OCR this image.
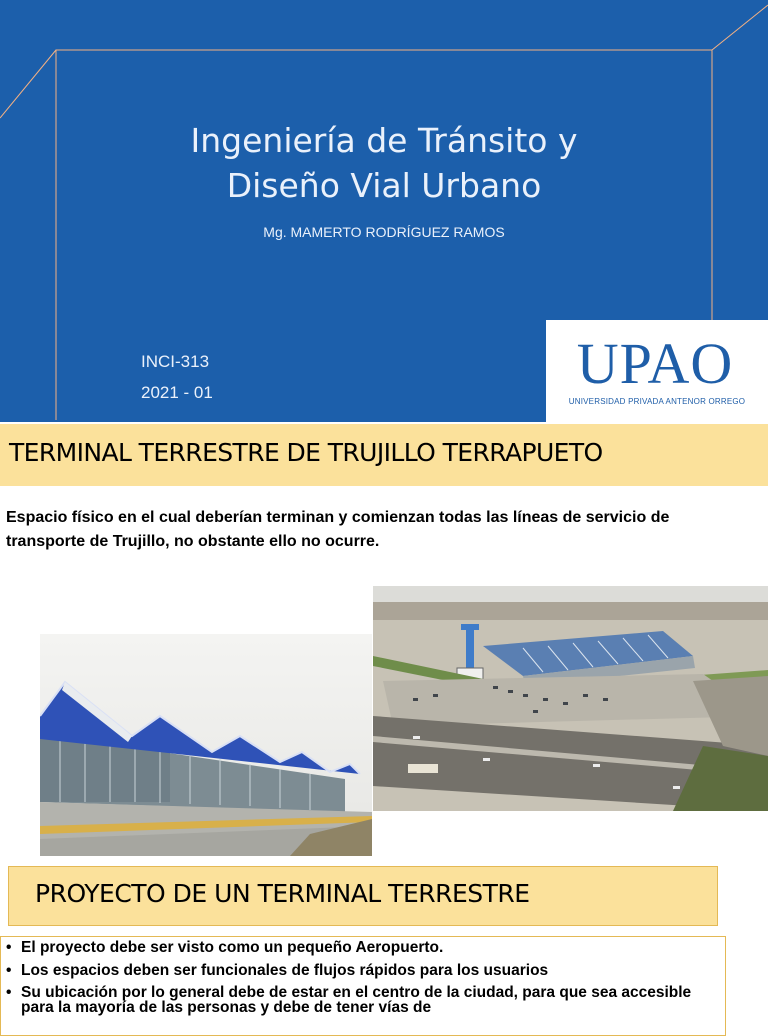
Ingeniería de Tránsito y
Diseño Vial Urbano
Mg. MAMERTO RODRÍGUEZ RAMOS
INCI-313
2021 - 01	UPAO
UNIVERSIDAD PRIVADA ANTENOR ORREGO
TERMINAL TERRESTRE DE TRUJILLO TERRAPUETO
Espacio físico en el cual deberían terminan y comienzan todas las líneas de servicio de transporte de Trujillo, no obstante ello no ocurre.
PROYECTO DE UN TERMINAL TERRESTRE
• El proyecto debe ser visto como un pequeño Aeropuerto.
• Los espacios deben ser funcionales de flujos rápidos para los usuarios
• Su ubicación por lo general debe de estar en el centro de la ciudad, para que sea accesible para la mayoría de las personas y debe de tener vías de
